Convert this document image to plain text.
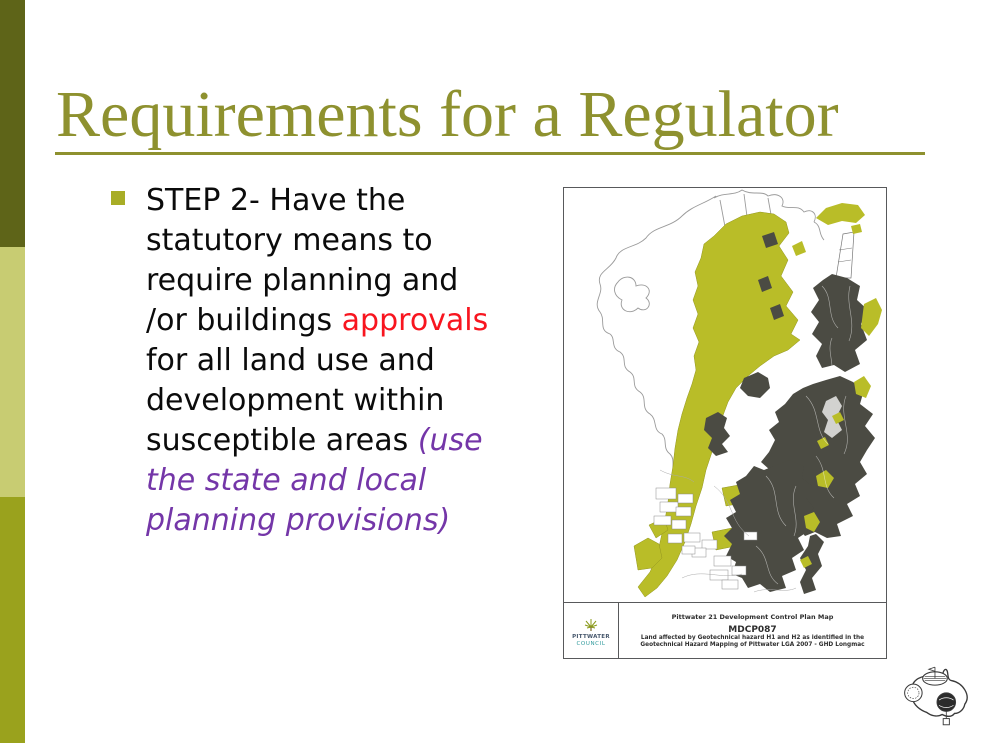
Requirements for a Regulator
STEP 2- Have the
statutory means to
require planning and
/or buildings approvals
for all land use and
development within
susceptible areas (use
the state and local
planning provisions)
PITTWATER
COUNCIL
Pittwater 21 Development Control Plan Map
MDCP087
Land affected by Geotechnical hazard H1 and H2 as identified in the
Geotechnical Hazard Mapping of Pittwater LGA 2007 - GHD Longmac
